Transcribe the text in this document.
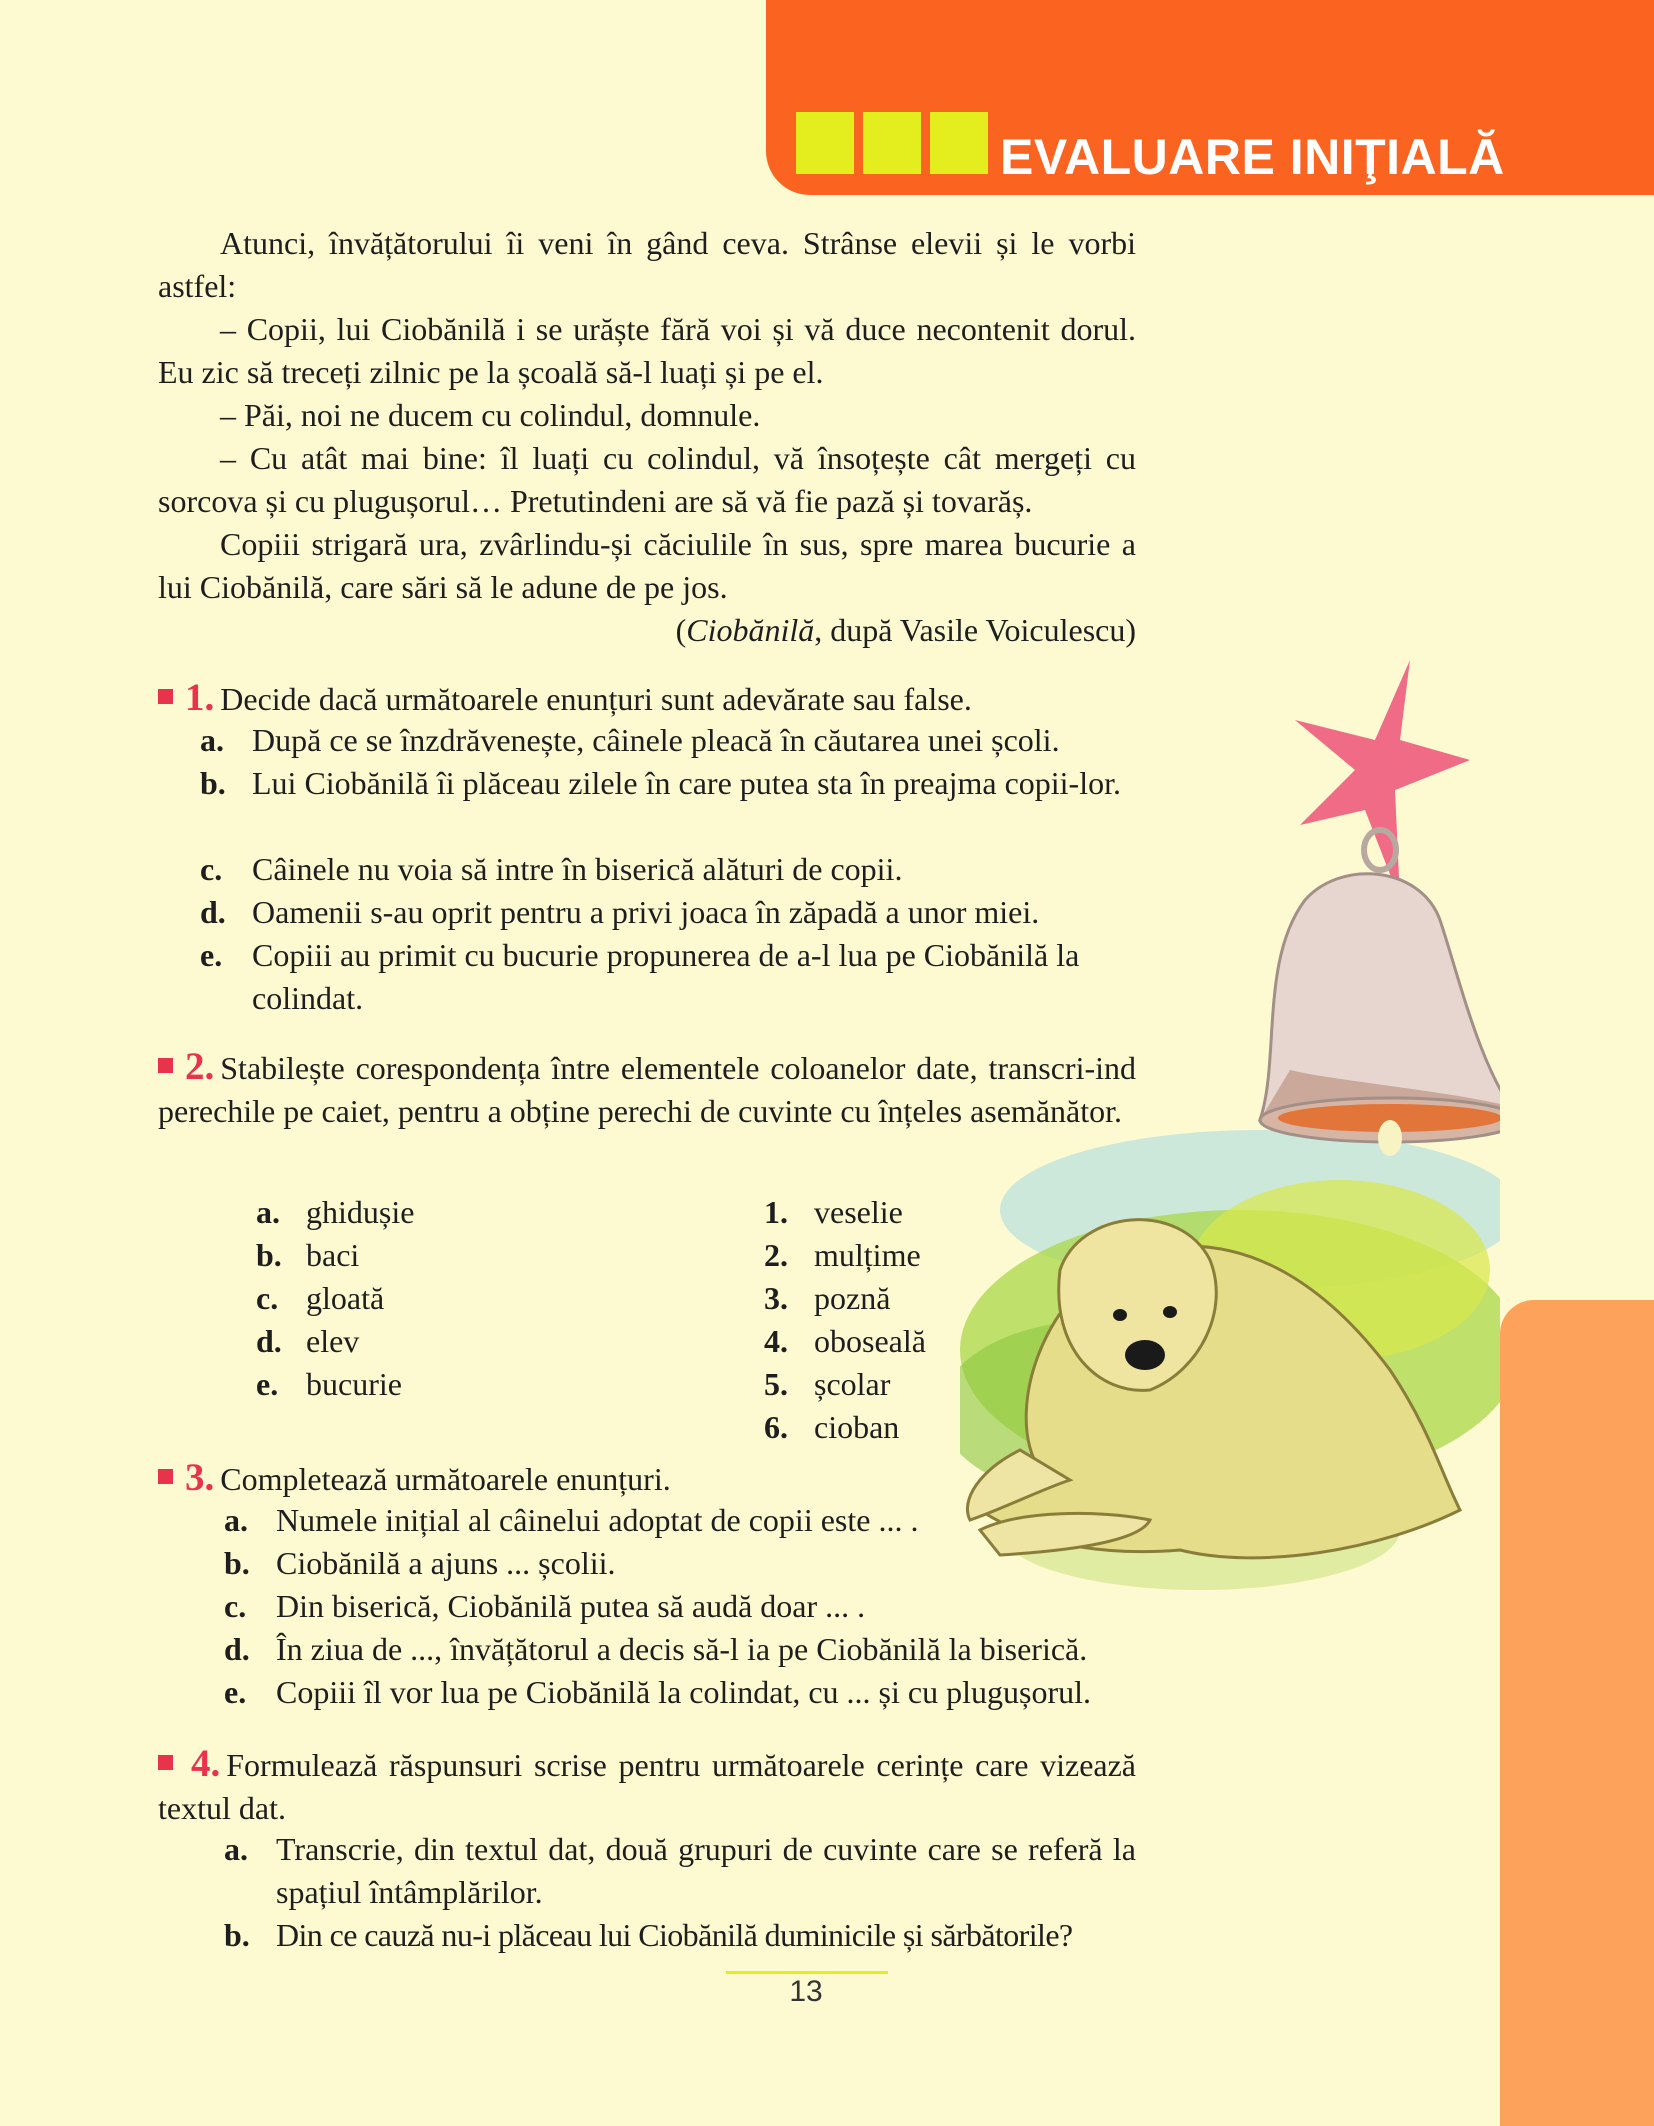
EVALUARE INIŢIALĂ

Atunci, învățătorului îi veni în gând ceva. Strânse elevii și le vorbi astfel:

– Copii, lui Ciobănilă i se urăște fără voi și vă duce necontenit dorul. Eu zic să treceți zilnic pe la școală să-l luați și pe el.

– Păi, noi ne ducem cu colindul, domnule.

– Cu atât mai bine: îl luați cu colindul, vă însoțește cât mergeți cu sorcova și cu plugușorul… Pretutindeni are să vă fie pază și tovarăș.

Copiii strigară ura, zvârlindu-și căciulile în sus, spre marea bucurie a lui Ciobănilă, care sări să le adune de pe jos.

(Ciobănilă, după Vasile Voiculescu)

1. Decide dacă următoarele enunțuri sunt adevărate sau false.

a. După ce se înzdrăvenește, câinele pleacă în căutarea unei școli.
b. Lui Ciobănilă îi plăceau zilele în care putea sta în preajma copii-lor.
c. Câinele nu voia să intre în biserică alături de copii.
d. Oamenii s-au oprit pentru a privi joaca în zăpadă a unor miei.
e. Copiii au primit cu bucurie propunerea de a-l lua pe Ciobănilă la colindat.

2. Stabilește corespondența între elementele coloanelor date, transcri-ind perechile pe caiet, pentru a obține perechi de cuvinte cu înțeles asemănător.

a. ghidușie
b. baci
c. gloată
d. elev
e. bucurie
1. veselie
2. mulțime
3. poznă
4. oboseală
5. școlar
6. cioban

3. Completează următoarele enunțuri.

a. Numele inițial al câinelui adoptat de copii este ... .
b. Ciobănilă a ajuns ... școlii.
c. Din biserică, Ciobănilă putea să audă doar ... .
d. În ziua de ..., învățătorul a decis să-l ia pe Ciobănilă la biserică.
e. Copiii îl vor lua pe Ciobănilă la colindat, cu ... și cu plugușorul.

4. Formulează răspunsuri scrise pentru următoarele cerințe care vizează textul dat.

a. Transcrie, din textul dat, două grupuri de cuvinte care se referă la spațiul întâmplărilor.
b. Din ce cauză nu-i plăceau lui Ciobănilă duminicile și sărbătorile?
13
